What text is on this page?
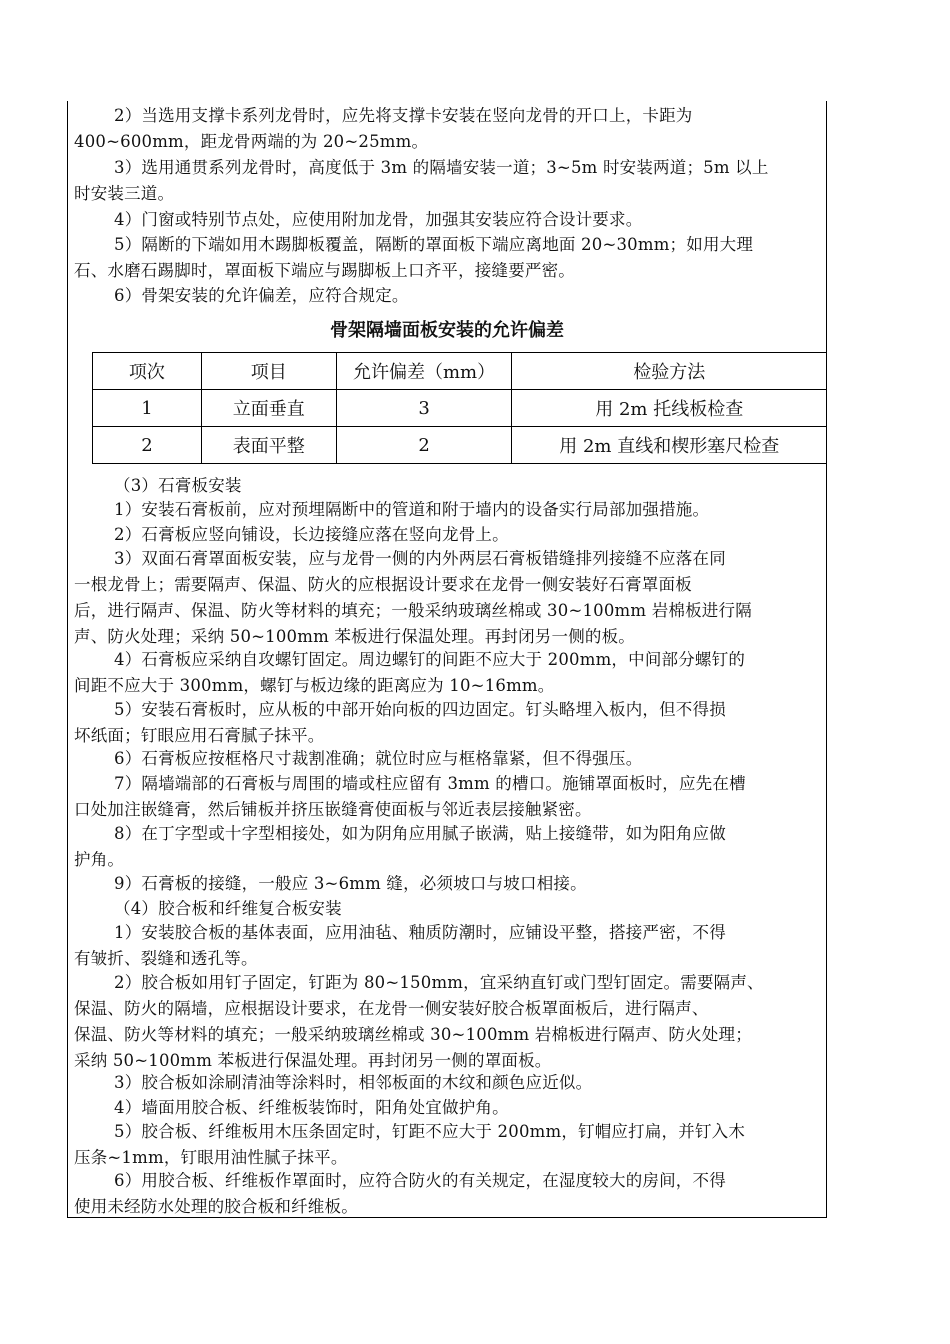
2）当选用支撑卡系列龙骨时，应先将支撑卡安装在竖向龙骨的开口上，卡距为
400~600mm，距龙骨两端的为 20~25mm。
3）选用通贯系列龙骨时，高度低于 3m 的隔墙安装一道；3~5m 时安装两道；5m 以上
时安装三道。
4）门窗或特别节点处，应使用附加龙骨，加强其安装应符合设计要求。
5）隔断的下端如用木踢脚板覆盖，隔断的罩面板下端应离地面 20~30mm；如用大理
石、水磨石踢脚时，罩面板下端应与踢脚板上口齐平，接缝要严密。
6）骨架安装的允许偏差，应符合规定。
骨架隔墙面板安装的允许偏差
项次	项目	允许偏差（mm）	检验方法
1	立面垂直	3	用 2m 托线板检查
2	表面平整	2	用 2m 直线和楔形塞尺检查
（3）石膏板安装
1）安装石膏板前，应对预埋隔断中的管道和附于墙内的设备实行局部加强措施。
2）石膏板应竖向铺设，长边接缝应落在竖向龙骨上。
3）双面石膏罩面板安装，应与龙骨一侧的内外两层石膏板错缝排列接缝不应落在同
一根龙骨上；需要隔声、保温、防火的应根据设计要求在龙骨一侧安装好石膏罩面板
后，进行隔声、保温、防火等材料的填充；一般采纳玻璃丝棉或 30~100mm 岩棉板进行隔
声、防火处理；采纳 50~100mm 苯板进行保温处理。再封闭另一侧的板。
4）石膏板应采纳自攻螺钉固定。周边螺钉的间距不应大于 200mm，中间部分螺钉的
间距不应大于 300mm，螺钉与板边缘的距离应为 10~16mm。
5）安装石膏板时，应从板的中部开始向板的四边固定。钉头略埋入板内，但不得损
坏纸面；钉眼应用石膏腻子抹平。
6）石膏板应按框格尺寸裁割准确；就位时应与框格靠紧，但不得强压。
7）隔墙端部的石膏板与周围的墙或柱应留有 3mm 的槽口。施铺罩面板时，应先在槽
口处加注嵌缝膏，然后铺板并挤压嵌缝膏使面板与邻近表层接触紧密。
8）在丁字型或十字型相接处，如为阴角应用腻子嵌满，贴上接缝带，如为阳角应做
护角。
9）石膏板的接缝，一般应 3~6mm 缝，必须坡口与坡口相接。
（4）胶合板和纤维复合板安装
1）安装胶合板的基体表面，应用油毡、釉质防潮时，应铺设平整，搭接严密，不得
有皱折、裂缝和透孔等。
2）胶合板如用钉子固定，钉距为 80~150mm，宜采纳直钉或门型钉固定。需要隔声、
保温、防火的隔墙，应根据设计要求，在龙骨一侧安装好胶合板罩面板后，进行隔声、
保温、防火等材料的填充；一般采纳玻璃丝棉或 30~100mm 岩棉板进行隔声、防火处理；
采纳 50~100mm 苯板进行保温处理。再封闭另一侧的罩面板。
3）胶合板如涂刷清油等涂料时，相邻板面的木纹和颜色应近似。
4）墙面用胶合板、纤维板装饰时，阳角处宜做护角。
5）胶合板、纤维板用木压条固定时，钉距不应大于 200mm，钉帽应打扁，并钉入木
压条~1mm，钉眼用油性腻子抹平。
6）用胶合板、纤维板作罩面时，应符合防火的有关规定，在湿度较大的房间，不得
使用未经防水处理的胶合板和纤维板。
